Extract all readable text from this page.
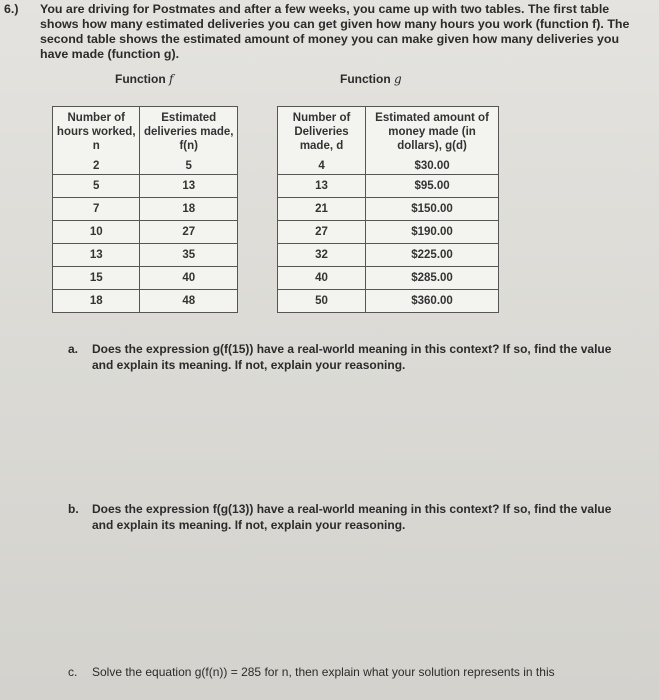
6.) You are driving for Postmates and after a few weeks, you came up with two tables. The first table shows how many estimated deliveries you can get given how many hours you work (function f). The second table shows the estimated amount of money you can make given how many deliveries you have made (function g).
Function f	Function g
Number of hours worked, n	Estimated deliveries made, f(n)
2	5
5	13
7	18
10	27
13	35
15	40
18	48
Number of Deliveries made, d	Estimated amount of money made (in dollars), g(d)
4	$30.00
13	$95.00
21	$150.00
27	$190.00
32	$225.00
40	$285.00
50	$360.00
a. Does the expression g(f(15)) have a real-world meaning in this context? If so, find the value and explain its meaning. If not, explain your reasoning.
b. Does the expression f(g(13)) have a real-world meaning in this context? If so, find the value and explain its meaning. If not, explain your reasoning.
c. Solve the equation g(f(n)) = 285 for n, then explain what your solution represents in this
